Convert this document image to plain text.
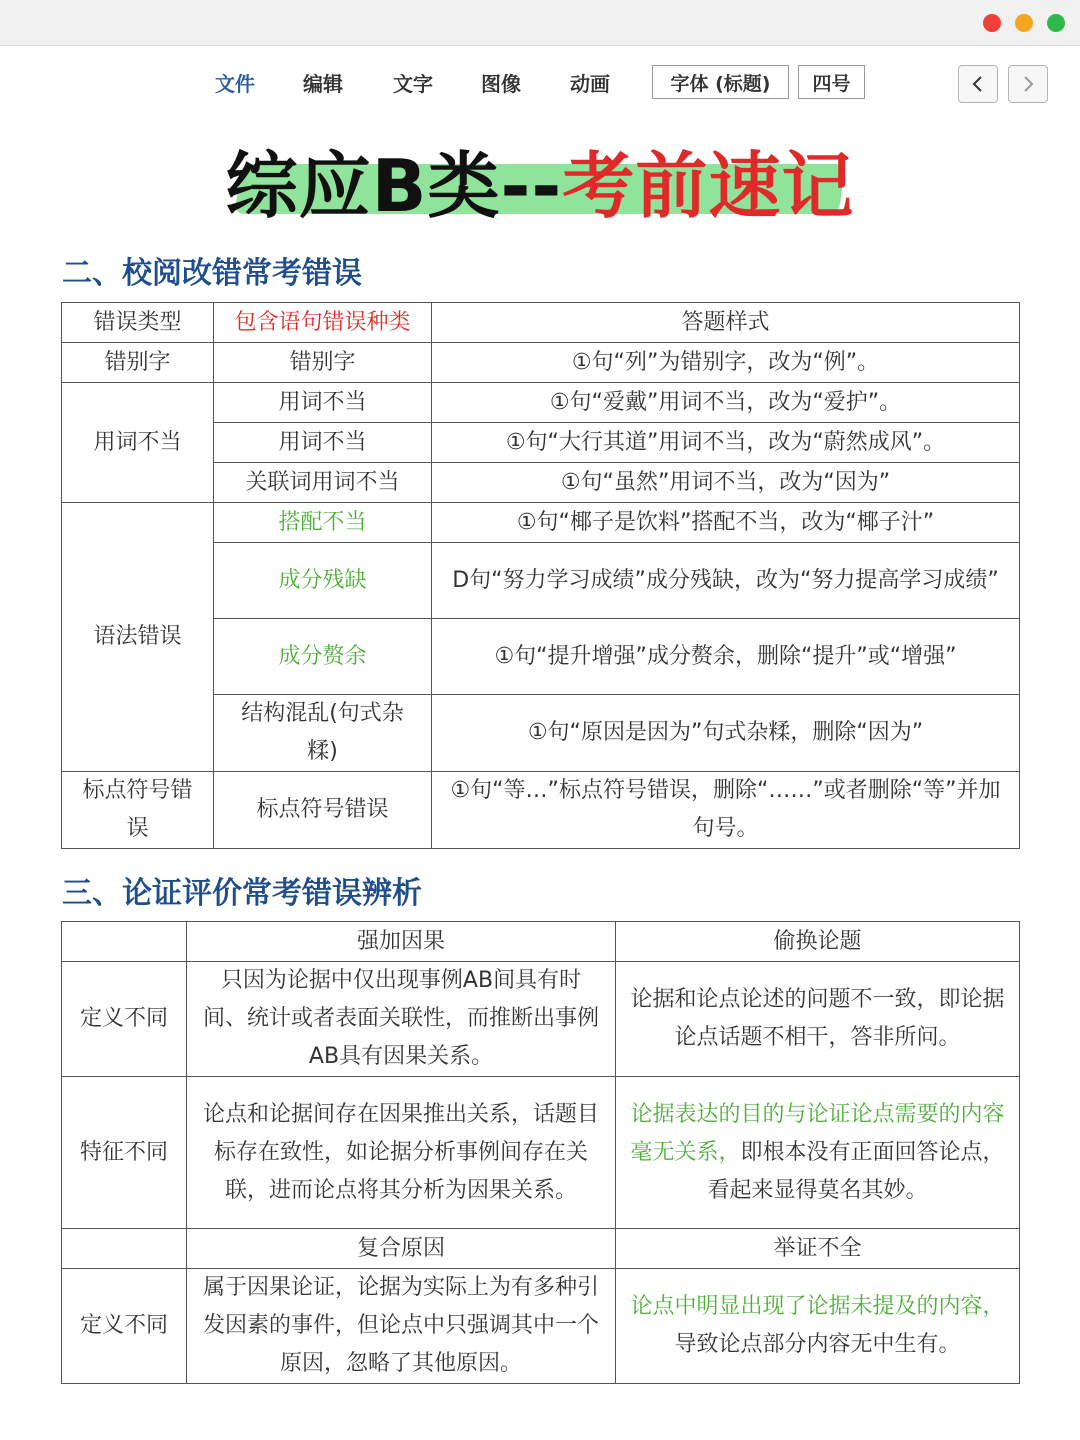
文件 编辑	文字 图像 动画	字体 (标题)	四号
综应B类--考前速记
二、校阅改错常考错误
错误类型	包含语句错误种类	答题样式
错别字	错别字	①句“列”为错别字，改为“例”。
用词不当	用词不当	①句“爱戴”用词不当，改为“爱护”。
	用词不当	①句“大行其道”用词不当，改为“蔚然成风”。
	关联词用词不当	①句“虽然”用词不当，改为“因为”
语法错误	搭配不当	①句“椰子是饮料”搭配不当，改为“椰子汁”
	成分残缺	D句“努力学习成绩”成分残缺，改为“努力提高学习成绩”
	成分赘余	①句“提升增强”成分赘余，删除“提升”或“增强”
	结构混乱(句式杂糅)	①句“原因是因为”句式杂糅，删除“因为”
标点符号错误	标点符号错误	①句“等…”标点符号错误，删除“……”或者删除“等”并加句号。
三、论证评价常考错误辨析
	强加因果	偷换论题
定义不同	只因为论据中仅出现事例AB间具有时间、统计或者表面关联性，而推断出事例AB具有因果关系。	论据和论点论述的问题不一致，即论据论点话题不相干，答非所问。
特征不同	论点和论据间存在因果推出关系，话题目标存在致性，如论据分析事例间存在关联，进而论点将其分析为因果关系。	论据表达的目的与论证论点需要的内容毫无关系，即根本没有正面回答论点，看起来显得莫名其妙。
	复合原因	举证不全
定义不同	属于因果论证，论据为实际上为有多种引发因素的事件，但论点中只强调其中一个原因，忽略了其他原因。	论点中明显出现了论据未提及的内容，导致论点部分内容无中生有。
